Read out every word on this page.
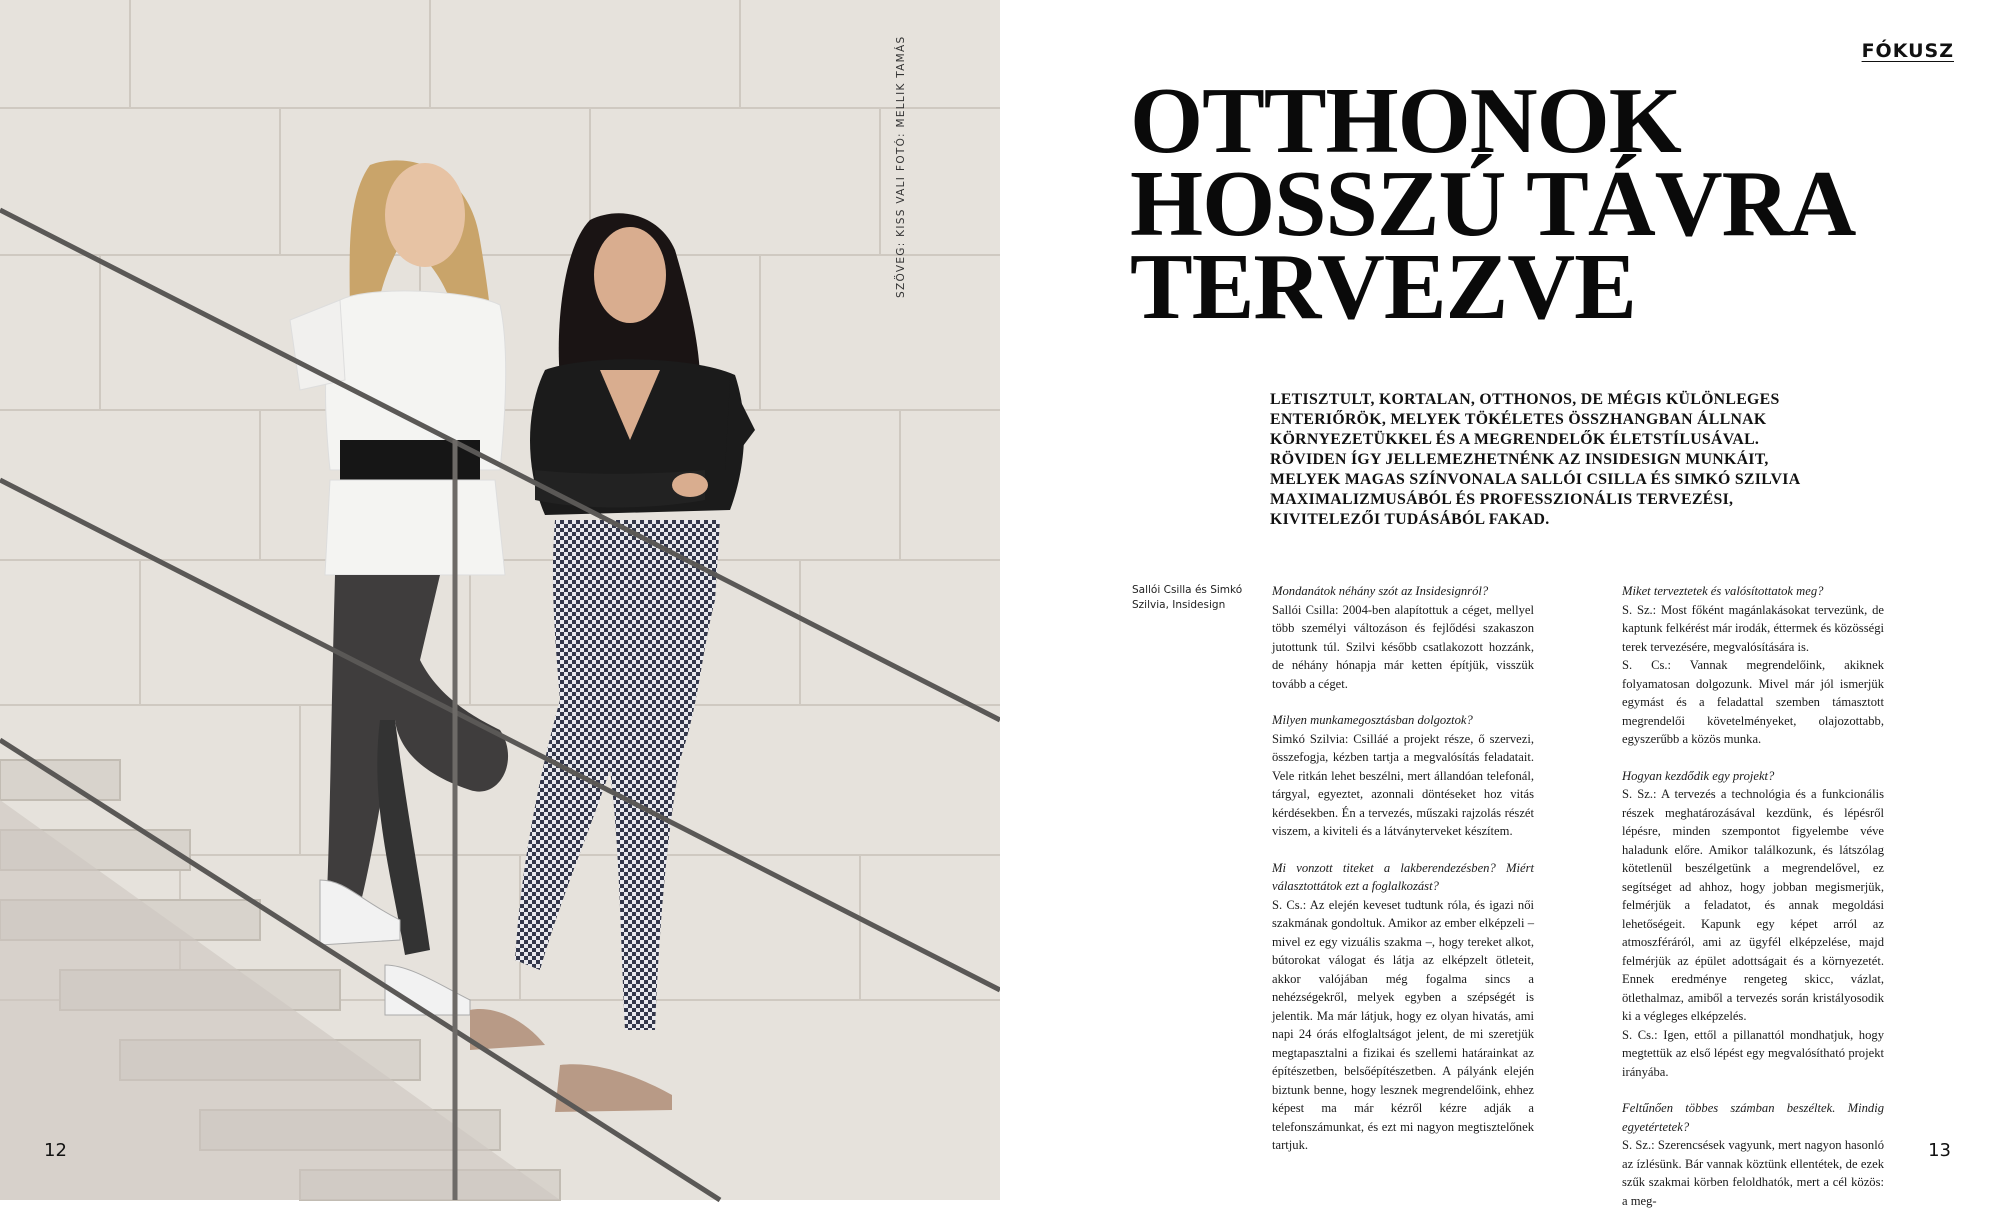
SZÖVEG: KISS VALI FOTÓ: MELLIK TAMÁS
12
FÓKUSZ
OTTHONOK
HOSSZÚ TÁVRA
TERVEZVE

LETISZTULT, KORTALAN, OTTHONOS, DE MÉGIS KÜLÖNLEGES ENTERIŐRÖK, MELYEK TÖKÉLETES ÖSSZHANGBAN ÁLLNAK KÖRNYEZETÜKKEL ÉS A MEGRENDELŐK ÉLETSTÍLUSÁVAL. RÖVIDEN ÍGY JELLEMEZHETNÉNK AZ INSIDESIGN MUNKÁIT, MELYEK MAGAS SZÍNVONALA SALLÓI CSILLA ÉS SIMKÓ SZILVIA MAXIMALIZMUSÁBÓL ÉS PROFESSZIONÁLIS TERVEZÉSI, KIVITELEZŐI TUDÁSÁBÓL FAKAD.

Sallói Csilla és Simkó Szilvia, Insidesign

Mondanátok néhány szót az Insidesignról?

Sallói Csilla: 2004-ben alapítottuk a céget, mellyel több személyi változáson és fejlődési szakaszon jutottunk túl. Szilvi később csatlakozott hozzánk, de néhány hónapja már ketten építjük, visszük tovább a céget.

Milyen munkamegosztásban dolgoztok?

Simkó Szilvia: Csilláé a projekt része, ő szervezi, összefogja, kézben tartja a megvalósítás feladatait. Vele ritkán lehet beszélni, mert állandóan telefonál, tárgyal, egyeztet, azonnali döntéseket hoz vitás kérdésekben. Én a tervezés, műszaki rajzolás részét viszem, a kiviteli és a látványterveket készítem.

Mi vonzott titeket a lakberendezésben? Miért választottátok ezt a foglalkozást?

S. Cs.: Az elején keveset tudtunk róla, és igazi női szakmának gondoltuk. Amikor az ember elképzeli – mivel ez egy vizuális szakma –, hogy tereket alkot, bútorokat válogat és látja az elképzelt ötleteit, akkor valójában még fogalma sincs a nehézségekről, melyek egyben a szépségét is jelentik. Ma már látjuk, hogy ez olyan hivatás, ami napi 24 órás elfoglaltságot jelent, de mi szeretjük megtapasztalni a fizikai és szellemi határainkat az építészetben, belsőépítészetben. A pályánk elején biztunk benne, hogy lesznek megrendelőink, ehhez képest ma már kézről kézre adják a telefonszámunkat, és ezt mi nagyon megtisztelőnek tartjuk.

Miket terveztetek és valósítottatok meg?

S. Sz.: Most főként magánlakásokat tervezünk, de kaptunk felkérést már irodák, éttermek és közösségi terek tervezésére, megvalósítására is.

S. Cs.: Vannak megrendelőink, akiknek folyamatosan dolgozunk. Mivel már jól ismerjük egymást és a feladattal szemben támasztott megrendelői követelményeket, olajozottabb, egyszerűbb a közös munka.

Hogyan kezdődik egy projekt?

S. Sz.: A tervezés a technológia és a funkcionális részek meghatározásával kezdünk, és lépésről lépésre, minden szempontot figyelembe véve haladunk előre. Amikor találkozunk, és látszólag kötetlenül beszélgetünk a megrendelővel, ez segítséget ad ahhoz, hogy jobban megismerjük, felmérjük a feladatot, és annak megoldási lehetőségeit. Kapunk egy képet arról az atmoszféráról, ami az ügyfél elképzelése, majd felmérjük az épület adottságait és a környezetét. Ennek eredménye rengeteg skicc, vázlat, ötlethalmaz, amiből a tervezés során kristályosodik ki a végleges elképzelés.

S. Cs.: Igen, ettől a pillanattól mondhatjuk, hogy megtettük az első lépést egy megvalósítható projekt irányába.

Feltűnően többes számban beszéltek. Mindig egyetértetek?

S. Sz.: Szerencsések vagyunk, mert nagyon hasonló az ízlésünk. Bár vannak köztünk ellentétek, de ezek szűk szakmai körben feloldhatók, mert a cél közös: a meg-

13
